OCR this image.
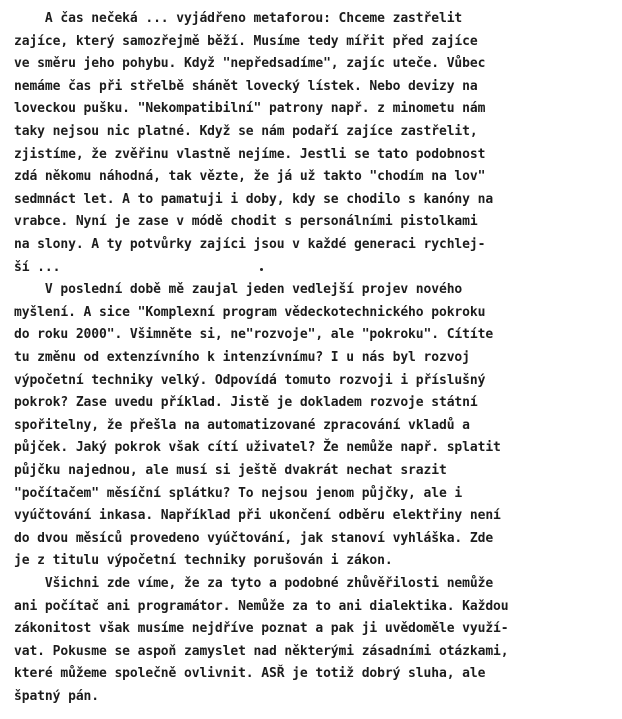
A čas nečeká ... vyjádřeno metaforou: Chceme zastřelit
zajíce, který samozřejmě běží. Musíme tedy mířit před zajíce
ve směru jeho pohybu. Když "nepředsadíme", zajíc uteče. Vůbec
nemáme čas při střelbě shánět lovecký lístek. Nebo devizy na
loveckou pušku. "Nekompatibilní" patrony např. z minometu nám
taky nejsou nic platné. Když se nám podaří zajíce zastřelit,
zjistíme, že zvěřinu vlastně nejíme. Jestli se tato podobnost
zdá někomu náhodná, tak vězte, že já už takto "chodím na lov"
sedmnáct let. A to pamatuji i doby, kdy se chodilo s kanóny na
vrabce. Nyní je zase v módě chodit s personálními pistolkami
na slony. A ty potvůrky zajíci jsou v každé generaci rychlej-
ší ...
V poslední době mě zaujal jeden vedlejší projev nového
myšlení. A sice "Komplexní program vědeckotechnického pokroku
do roku 2000". Všimněte si, ne"rozvoje", ale "pokroku". Cítíte
tu změnu od extenzívního k intenzívnímu? I u nás byl rozvoj
výpočetní techniky velký. Odpovídá tomuto rozvoji i příslušný
pokrok? Zase uvedu příklad. Jistě je dokladem rozvoje státní
spořitelny, že přešla na automatizované zpracování vkladů a
půjček. Jaký pokrok však cítí uživatel? Že nemůže např. splatit
půjčku najednou, ale musí si ještě dvakrát nechat srazit
"počítačem" měsíční splátku? To nejsou jenom půjčky, ale i
vyúčtování inkasa. Například při ukončení odběru elektřiny není
do dvou měsíců provedeno vyúčtování, jak stanoví vyhláška. Zde
je z titulu výpočetní techniky porušován i zákon.
Všichni zde víme, že za tyto a podobné zhůvěřilosti nemůže
ani počítač ani programátor. Nemůže za to ani dialektika. Každou
zákonitost však musíme nejdříve poznat a pak ji uvědoměle využí-
vat. Pokusme se aspoň zamyslet nad některými zásadními otázkami,
které můžeme společně ovlivnit. ASŘ je totiž dobrý sluha, ale
špatný pán.
